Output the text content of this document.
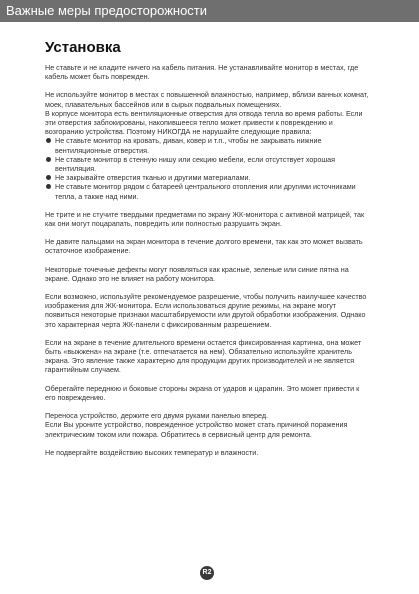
Важные меры предосторожности
Установка

Не ставьте и не кладите ничего на кабель питания. Не устанавливайте монитор в местах, где кабель может быть поврежден.

Не используйте монитор в местах с повышенной влажностью, например, вблизи ванных комнат, моек, плавательных бассейнов или в сырых подвальных помещениях.
В корпусе монитора есть вентиляционные отверстия для отвода тепла во время работы. Если эти отверстия заблокированы, накопившееся тепло может привести к повреждению и возгоранию устройства. Поэтому НИКОГДА не нарушайте следующие правила:

Не ставьте монитор на кровать, диван, ковер и т.п., чтобы не закрывать нижние вентиляционные отверстия.
Не ставьте монитор в стенную нишу или секцию мебели, если отсутствует хорошая вентиляция.
Не закрывайте отверстия тканью и другими материалами.
Не ставьте монитор рядом с батареей центрального отопления или другими источниками тепла, а также над ними.

Не трите и не стучите твердыми предметами по экрану ЖК-монитора с активной матрицей, так как они могут поцарапать, повредить или полностью разрушить экран.

Не давите пальцами на экран монитора в течение долгого времени, так как это может вызвать остаточное изображение.

Некоторые точечные дефекты могут появляться как красные, зеленые или синие пятна на экране. Однако это не влияет на работу монитора.

Если возможно, используйте рекомендуемое разрешение, чтобы получить наилучшее качество изображения для ЖК-монитора. Если использоваться другие режимы, на экране могут появиться некоторые признаки масштабируемости или другой обработки изображения. Однако это характерная черта ЖК-панели с фиксированным разрешением.

Если на экране в течение длительного времени остается фиксированная картинка, она может быть «выжжена» на экране (т.е. отпечатается на нем). Обязательно используйте хранитель экрана. Это явление также характерно для продукции других производителей и не является гарантийным случаем.

Оберегайте переднюю и боковые стороны экрана от ударов и царапин. Это может привести к его повреждению.

Переноса устройство, держите его двумя руками панелью вперед.
Если Вы уроните устройство, поврежденное устройство может стать причиной поражения электрическим током или пожара. Обратитесь в сервисный центр для ремонта.

Не подвергайте воздействию высоких температур и влажности.

R2
